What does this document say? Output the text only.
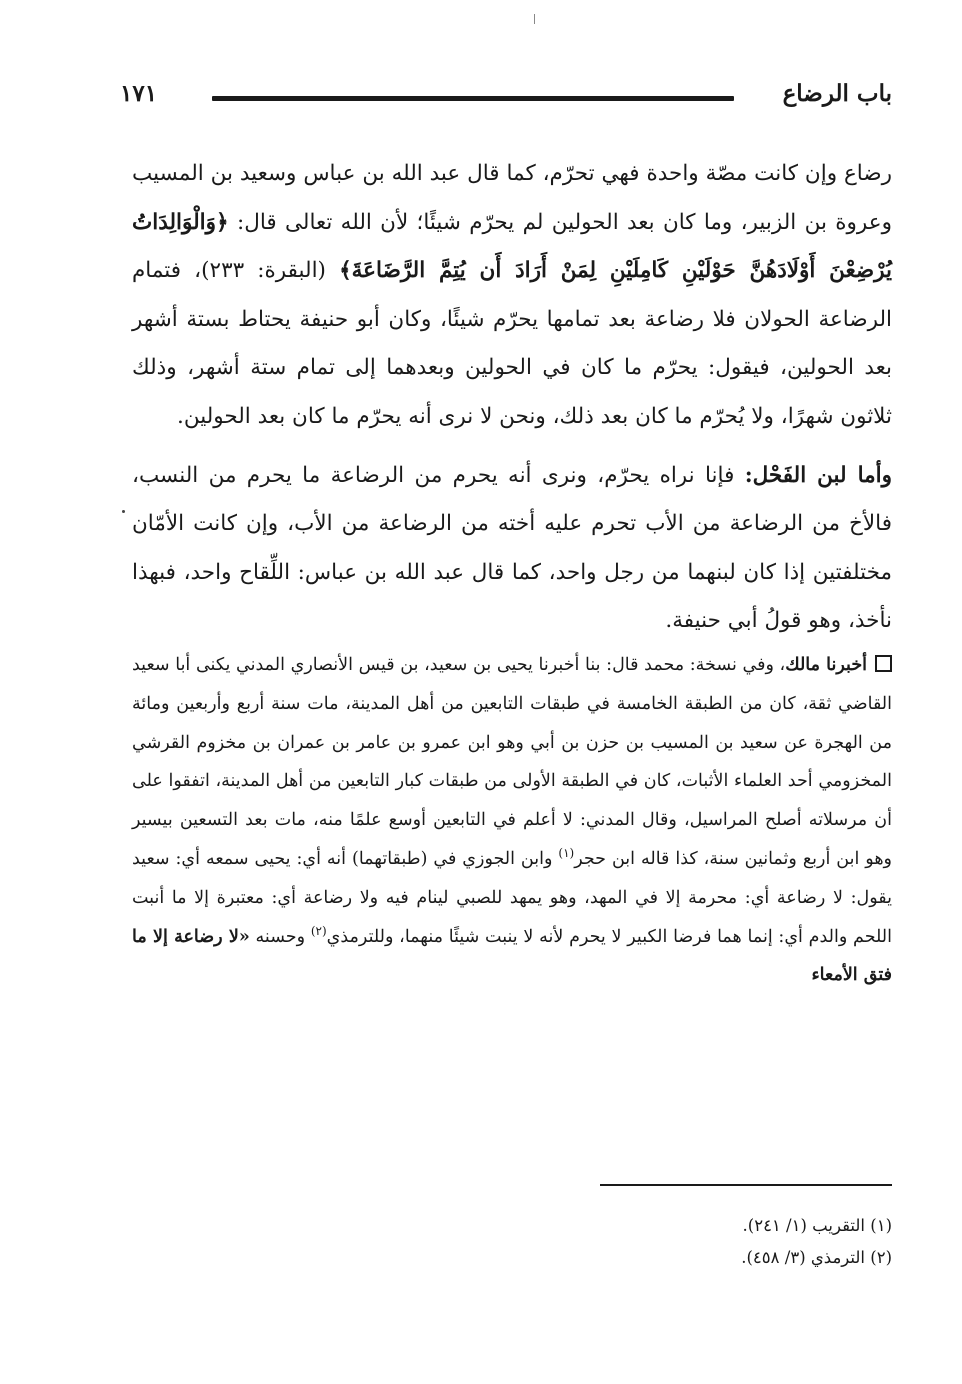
باب الرضاع
١٧١

رضاع وإن كانت مصّة واحدة فهي تحرّم، كما قال عبد الله بن عباس وسعيد بن المسيب وعروة بن الزبير، وما كان بعد الحولين لم يحرّم شيئًا؛ لأن الله تعالى قال: ﴿وَالْوَالِدَاتُ يُرْضِعْنَ أَوْلَادَهُنَّ حَوْلَيْنِ كَامِلَيْنِ لِمَنْ أَرَادَ أَن يُتِمَّ الرَّضَاعَةَ﴾ (البقرة: ٢٣٣)، فتمام الرضاعة الحولان فلا رضاعة بعد تمامها يحرّم شيئًا، وكان أبو حنيفة يحتاط بستة أشهر بعد الحولين، فيقول: يحرّم ما كان في الحولين وبعدهما إلى تمام ستة أشهر، وذلك ثلاثون شهرًا، ولا يُحرّم ما كان بعد ذلك، ونحن لا نرى أنه يحرّم ما كان بعد الحولين.

وأما لبن الفَحْل: فإنا نراه يحرّم، ونرى أنه يحرم من الرضاعة ما يحرم من النسب، فالأخ من الرضاعة من الأب تحرم عليه أخته من الرضاعة من الأب، وإن كانت الأمّان مختلفتين إذا كان لبنهما من رجل واحد، كما قال عبد الله بن عباس: اللِّقاح واحد، فبهذا نأخذ، وهو قولُ أبي حنيفة.

أخبرنا مالك، وفي نسخة: محمد قال: بنا أخبرنا يحيى بن سعيد، بن قيس الأنصاري المدني يكنى أبا سعيد القاضي ثقة، كان من الطبقة الخامسة في طبقات التابعين من أهل المدينة، مات سنة أربع وأربعين ومائة من الهجرة عن سعيد بن المسيب بن حزن بن أبي وهو ابن عمرو بن عامر بن عمران بن مخزوم القرشي المخزومي أحد العلماء الأثبات، كان في الطبقة الأولى من طبقات كبار التابعين من أهل المدينة، اتفقوا على أن مرسلاته أصلح المراسيل، وقال المدني: لا أعلم في التابعين أوسع علمًا منه، مات بعد التسعين بيسير وهو ابن أربع وثمانين سنة، كذا قاله ابن حجر$^{(١)}$ وابن الجوزي في (طبقاتهما) أنه أي: يحيى سمعه أي: سعيد يقول: لا رضاعة أي: محرمة إلا في المهد، وهو يمهد للصبي لينام فيه ولا رضاعة أي: معتبرة إلا ما أنبت اللحم والدم أي: إنما هما فرضا الكبير لا يحرم لأنه لا ينبت شيئًا منهما، وللترمذي$^{(٢)}$ وحسنه «لا رضاعة إلا ما فتق الأمعاء

(١) التقريب (١/ ٢٤١).
(٢) الترمذي (٣/ ٤٥٨).
